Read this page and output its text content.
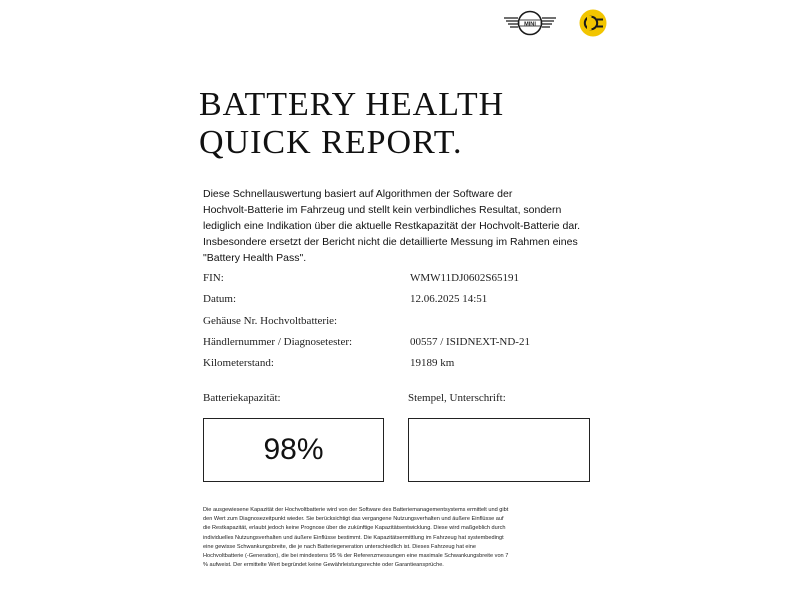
MINI
BATTERY HEALTH
QUICK REPORT.

Diese Schnellauswertung basiert auf Algorithmen der Software der
Hochvolt-Batterie im Fahrzeug und stellt kein verbindliches Resultat, sondern
lediglich eine Indikation über die aktuelle Restkapazität der Hochvolt-Batterie dar.
Insbesondere ersetzt der Bericht nicht die detaillierte Messung im Rahmen eines
"Battery Health Pass".

FIN:	WMW11DJ0602S65191
Datum:	12.06.2025 14:51
Gehäuse Nr. Hochvoltbatterie:
Händlernummer / Diagnosetester:	00557 / ISIDNEXT-ND-21
Kilometerstand:	19189 km
Batteriekapazität:	Stempel, Unterschrift:
98%

Die ausgewiesene Kapazität der Hochvoltbatterie wird von der Software des Batteriemanagementsystems ermittelt und gibt
den Wert zum Diagnosezeitpunkt wieder. Sie berücksichtigt das vergangene Nutzungsverhalten und äußere Einflüsse auf
die Restkapazität, erlaubt jedoch keine Prognose über die zukünftige Kapazitätsentwicklung. Diese wird maßgeblich durch
individuelles Nutzungsverhalten und äußere Einflüsse bestimmt. Die Kapazitätsermittlung im Fahrzeug hat systembedingt
eine gewisse Schwankungsbreite, die je nach Batteriegeneration unterschiedlich ist. Dieses Fahrzeug hat eine
Hochvoltbatterie (-Generation), die bei mindestens 95 % der Referenzmessungen eine maximale Schwankungsbreite von 7
% aufweist. Der ermittelte Wert begründet keine Gewährleistungsrechte oder Garantieansprüche.
